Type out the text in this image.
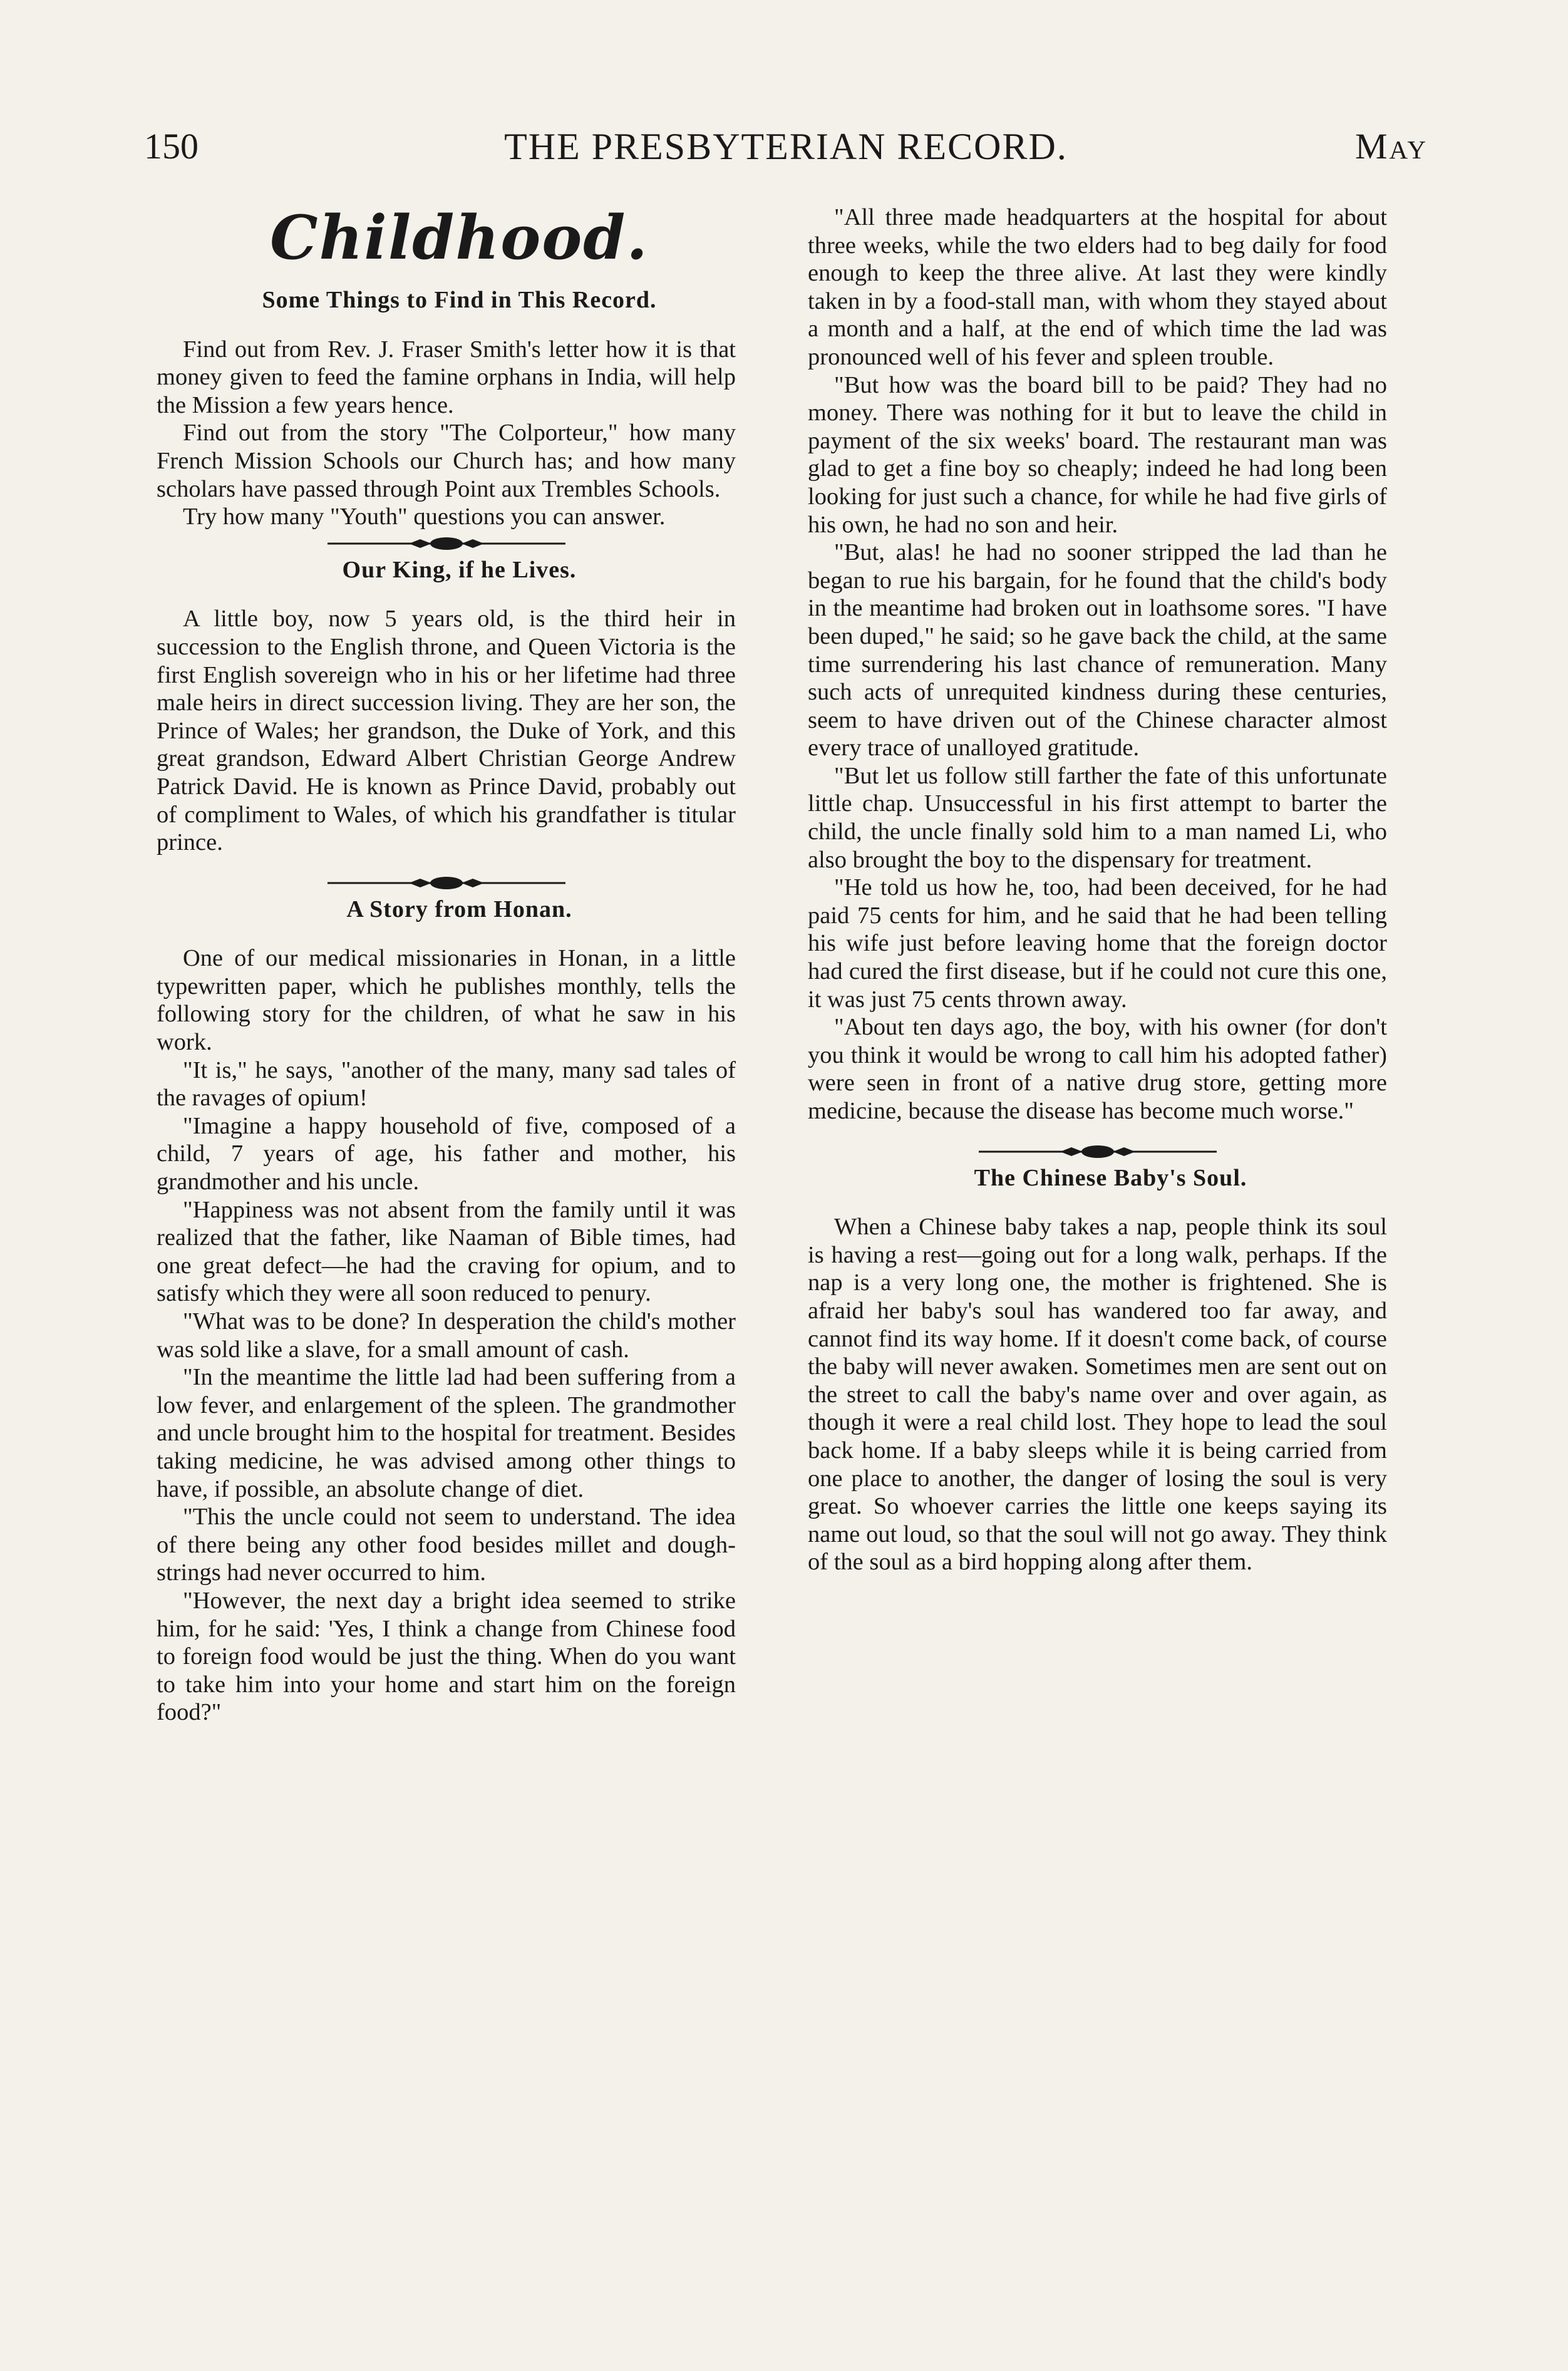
150	THE PRESBYTERIAN RECORD.	May

Childhood.

Some Things to Find in This Record.

Find out from Rev. J. Fraser Smith's letter how it is that money given to feed the famine orphans in India, will help the Mission a few years hence.

Find out from the story "The Colporteur," how many French Mission Schools our Church has; and how many scholars have passed through Point aux Trembles Schools.

Try how many "Youth" questions you can answer.

Our King, if he Lives.

A little boy, now 5 years old, is the third heir in succession to the English throne, and Queen Victoria is the first English sovereign who in his or her lifetime had three male heirs in direct succession living. They are her son, the Prince of Wales; her grandson, the Duke of York, and this great grandson, Edward Albert Christian George Andrew Patrick David. He is known as Prince David, probably out of compliment to Wales, of which his grandfather is titular prince.

A Story from Honan.

One of our medical missionaries in Honan, in a little typewritten paper, which he publishes monthly, tells the following story for the children, of what he saw in his work.

"It is," he says, "another of the many, many sad tales of the ravages of opium!

"Imagine a happy household of five, composed of a child, 7 years of age, his father and mother, his grandmother and his uncle.

"Happiness was not absent from the family until it was realized that the father, like Naaman of Bible times, had one great defect—he had the craving for opium, and to satisfy which they were all soon reduced to penury.

"What was to be done? In desperation the child's mother was sold like a slave, for a small amount of cash.

"In the meantime the little lad had been suffering from a low fever, and enlargement of the spleen. The grandmother and uncle brought him to the hospital for treatment. Besides taking medicine, he was advised among other things to have, if possible, an absolute change of diet.

"This the uncle could not seem to understand. The idea of there being any other food besides millet and dough-strings had never occurred to him.

"However, the next day a bright idea seemed to strike him, for he said: 'Yes, I think a change from Chinese food to foreign food would be just the thing. When do you want to take him into your home and start him on the foreign food?"

"All three made headquarters at the hospital for about three weeks, while the two elders had to beg daily for food enough to keep the three alive. At last they were kindly taken in by a food-stall man, with whom they stayed about a month and a half, at the end of which time the lad was pronounced well of his fever and spleen trouble.

"But how was the board bill to be paid? They had no money. There was nothing for it but to leave the child in payment of the six weeks' board. The restaurant man was glad to get a fine boy so cheaply; indeed he had long been looking for just such a chance, for while he had five girls of his own, he had no son and heir.

"But, alas! he had no sooner stripped the lad than he began to rue his bargain, for he found that the child's body in the meantime had broken out in loathsome sores. "I have been duped," he said; so he gave back the child, at the same time surrendering his last chance of remuneration. Many such acts of unrequited kindness during these centuries, seem to have driven out of the Chinese character almost every trace of unalloyed gratitude.

"But let us follow still farther the fate of this unfortunate little chap. Unsuccessful in his first attempt to barter the child, the uncle finally sold him to a man named Li, who also brought the boy to the dispensary for treatment.

"He told us how he, too, had been deceived, for he had paid 75 cents for him, and he said that he had been telling his wife just before leaving home that the foreign doctor had cured the first disease, but if he could not cure this one, it was just 75 cents thrown away.

"About ten days ago, the boy, with his owner (for don't you think it would be wrong to call him his adopted father) were seen in front of a native drug store, getting more medicine, because the disease has become much worse."

The Chinese Baby's Soul.

When a Chinese baby takes a nap, people think its soul is having a rest—going out for a long walk, perhaps. If the nap is a very long one, the mother is frightened. She is afraid her baby's soul has wandered too far away, and cannot find its way home. If it doesn't come back, of course the baby will never awaken. Sometimes men are sent out on the street to call the baby's name over and over again, as though it were a real child lost. They hope to lead the soul back home. If a baby sleeps while it is being carried from one place to another, the danger of losing the soul is very great. So whoever carries the little one keeps saying its name out loud, so that the soul will not go away. They think of the soul as a bird hopping along after them.
